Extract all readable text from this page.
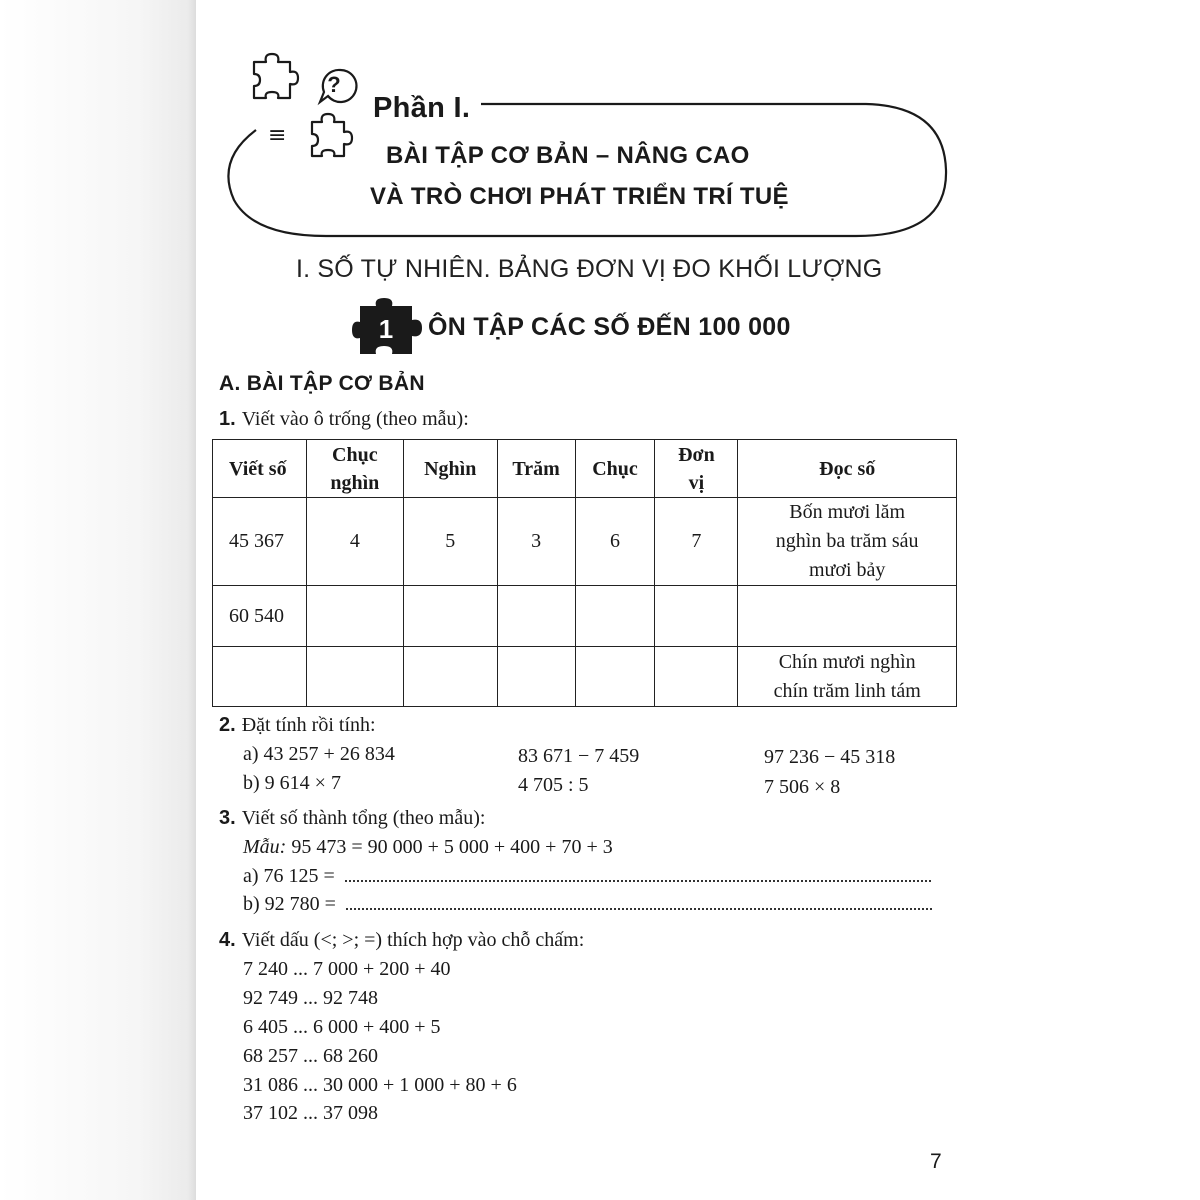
?
≡
Phần I.
BÀI TẬP CƠ BẢN – NÂNG CAO
VÀ TRÒ CHƠI PHÁT TRIỂN TRÍ TUỆ
I. SỐ TỰ NHIÊN. BẢNG ĐƠN VỊ ĐO KHỐI LƯỢNG
1 ÔN TẬP CÁC SỐ ĐẾN 100 000
A. BÀI TẬP CƠ BẢN
1. Viết vào ô trống (theo mẫu):
Viết số	Chục
nghìn	Nghìn	Trăm	Chục	Đơn
vị	Đọc số
45 367	4	5	3	6	7	Bốn mươi lăm
nghìn ba trăm sáu
mươi bảy
60 540						
						Chín mươi nghìn
chín trăm linh tám
2. Đặt tính rồi tính:
a) 43 257 + 26 834	83 671 − 7 459	97 236 − 45 318
b) 9 614 × 7	4 705 : 5	7 506 × 8
3. Viết số thành tổng (theo mẫu):
Mẫu: 95 473 = 90 000 + 5 000 + 400 + 70 + 3
a) 76 125 =
b) 92 780 =
4. Viết dấu (<; >; =) thích hợp vào chỗ chấm:
7 240 ... 7 000 + 200 + 40
92 749 ... 92 748
6 405 ... 6 000 + 400 + 5
68 257 ... 68 260
31 086 ... 30 000 + 1 000 + 80 + 6
37 102 ... 37 098
7
